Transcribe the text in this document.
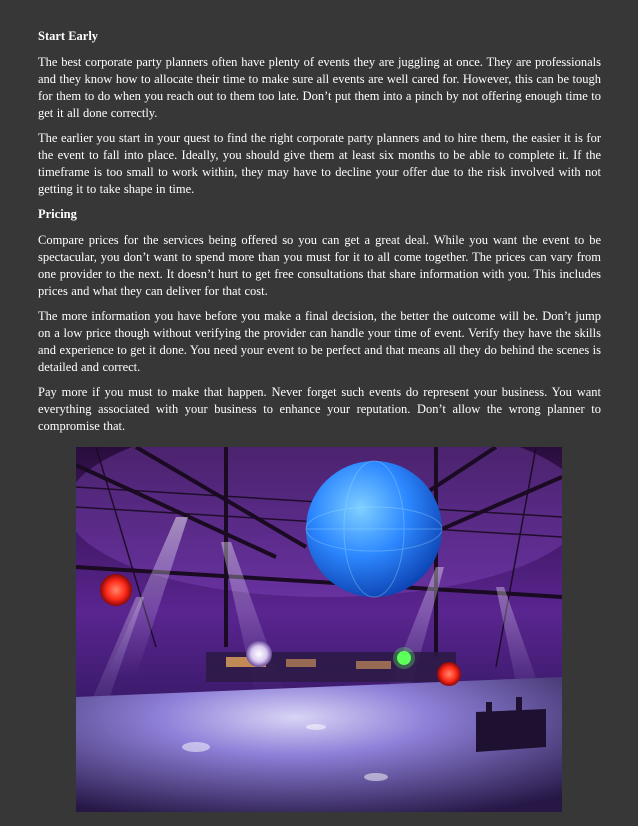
Start Early

The best corporate party planners often have plenty of events they are juggling at once. They are professionals and they know how to allocate their time to make sure all events are well cared for. However, this can be tough for them to do when you reach out to them too late. Don’t put them into a pinch by not offering enough time to get it all done correctly.

The earlier you start in your quest to find the right corporate party planners and to hire them, the easier it is for the event to fall into place. Ideally, you should give them at least six months to be able to complete it. If the timeframe is too small to work within, they may have to decline your offer due to the risk involved with not getting it to take shape in time.

Pricing

Compare prices for the services being offered so you can get a great deal. While you want the event to be spectacular, you don’t want to spend more than you must for it to all come together. The prices can vary from one provider to the next. It doesn’t hurt to get free consultations that share information with you. This includes prices and what they can deliver for that cost.

The more information you have before you make a final decision, the better the outcome will be. Don’t jump on a low price though without verifying the provider can handle your time of event. Verify they have the skills and experience to get it done. You need your event to be perfect and that means all they do behind the scenes is detailed and correct.

Pay more if you must to make that happen. Never forget such events do represent your business. You want everything associated with your business to enhance your reputation. Don’t allow the wrong planner to compromise that.
